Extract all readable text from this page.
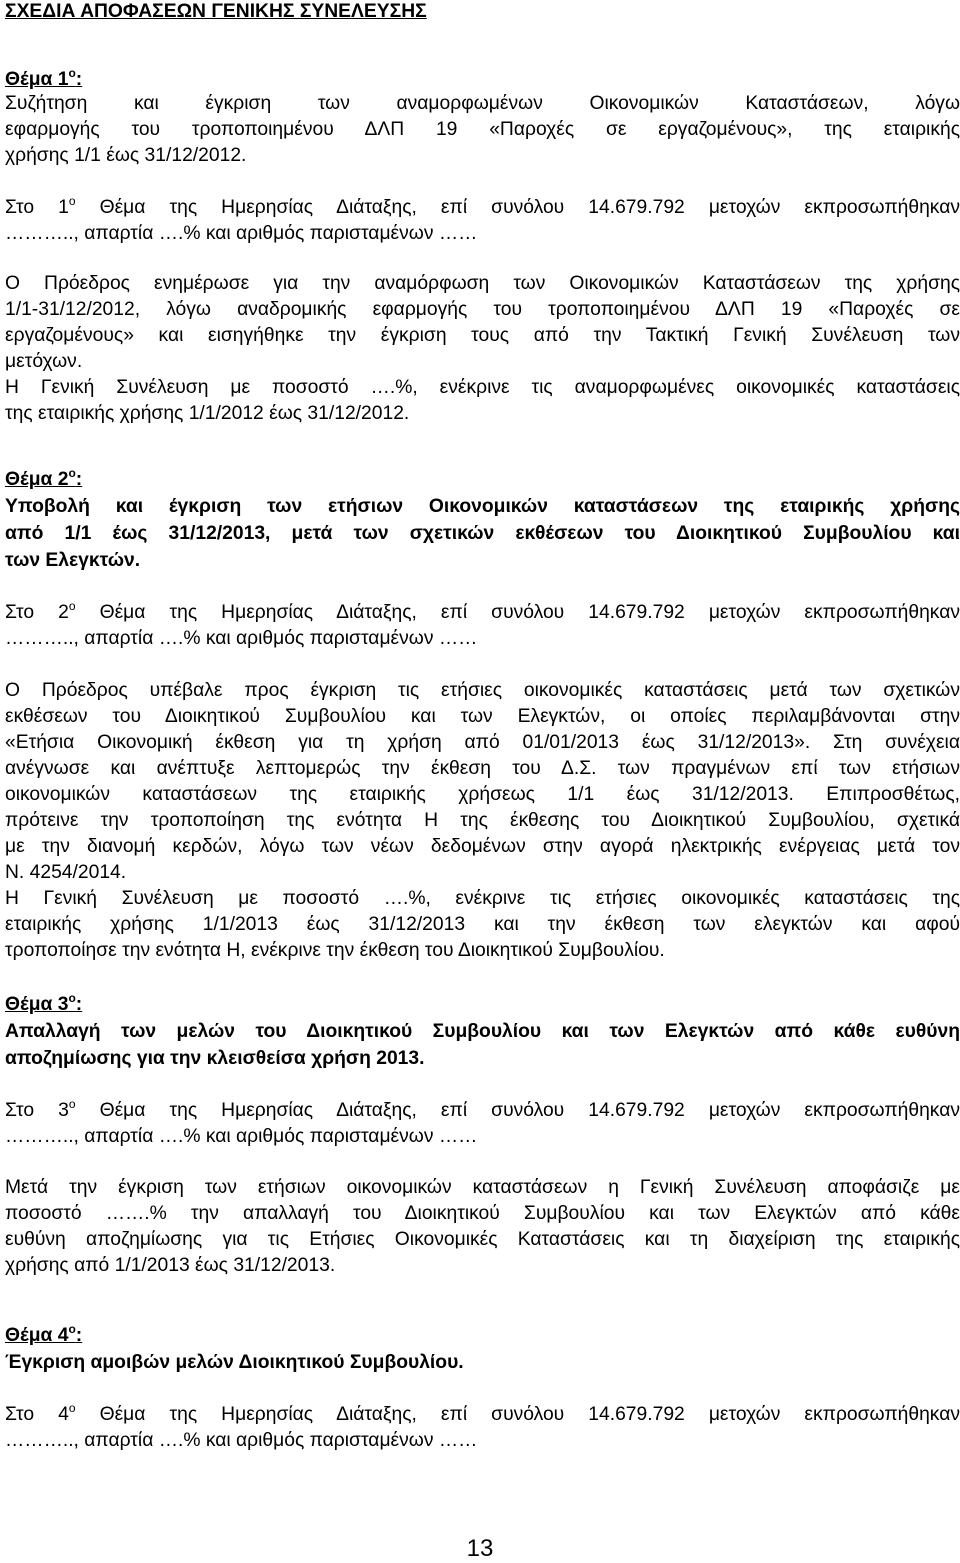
ΣΧΕΔΙΑ ΑΠΟΦΑΣΕΩΝ ΓΕΝΙΚΗΣ ΣΥΝΕΛΕΥΣΗΣ
Θέμα $1^o$:
Συζήτηση και έγκριση των αναμορφωμένων Οικονομικών Καταστάσεων, λόγω
εφαρμογής του τροποποιημένου ΔΛΠ 19 «Παροχές σε εργαζομένους», της εταιρικής
χρήσης 1/1 έως 31/12/2012.
Στο $1^o$ Θέμα της Ημερησίας Διάταξης, επί συνόλου 14.679.792 μετοχών εκπροσωπήθηκαν
……….., απαρτία ….% και αριθμός παρισταμένων ……
Ο Πρόεδρος ενημέρωσε για την αναμόρφωση των Οικονομικών Καταστάσεων της χρήσης
1/1-31/12/2012, λόγω αναδρομικής εφαρμογής του τροποποιημένου ΔΛΠ 19 «Παροχές σε
εργαζομένους» και εισηγήθηκε την έγκριση τους από την Τακτική Γενική Συνέλευση των
μετόχων.
Η Γενική Συνέλευση με ποσοστό ….%, ενέκρινε τις αναμορφωμένες οικονομικές καταστάσεις
της εταιρικής χρήσης 1/1/2012 έως 31/12/2012.
Θέμα $2^o$:
Υποβολή και έγκριση των ετήσιων Οικονομικών καταστάσεων της εταιρικής χρήσης
από 1/1 έως 31/12/2013, μετά των σχετικών εκθέσεων του Διοικητικού Συμβουλίου και
των Ελεγκτών.
Στο $2^o$ Θέμα της Ημερησίας Διάταξης, επί συνόλου 14.679.792 μετοχών εκπροσωπήθηκαν
……….., απαρτία ….% και αριθμός παρισταμένων ……
Ο Πρόεδρος υπέβαλε προς έγκριση τις ετήσιες οικονομικές καταστάσεις μετά των σχετικών
εκθέσεων του Διοικητικού Συμβουλίου και των Ελεγκτών, οι οποίες περιλαμβάνονται στην
«Ετήσια Οικονομική έκθεση για τη χρήση από 01/01/2013 έως 31/12/2013». Στη συνέχεια
ανέγνωσε και ανέπτυξε λεπτομερώς την έκθεση του Δ.Σ. των πραγμένων επί των ετήσιων
οικονομικών καταστάσεων της εταιρικής χρήσεως 1/1 έως 31/12/2013. Επιπροσθέτως,
πρότεινε την τροποποίηση της ενότητα Η της έκθεσης του Διοικητικού Συμβουλίου, σχετικά
με την διανομή κερδών, λόγω των νέων δεδομένων στην αγορά ηλεκτρικής ενέργειας μετά τον
Ν. 4254/2014.
Η Γενική Συνέλευση με ποσοστό ….%, ενέκρινε τις ετήσιες οικονομικές καταστάσεις της
εταιρικής χρήσης 1/1/2013 έως 31/12/2013 και την έκθεση των ελεγκτών και αφού
τροποποίησε την ενότητα Η, ενέκρινε την έκθεση του Διοικητικού Συμβουλίου.
Θέμα $3^o$:
Απαλλαγή των μελών του Διοικητικού Συμβουλίου και των Ελεγκτών από κάθε ευθύνη
αποζημίωσης για την κλεισθείσα χρήση 2013.
Στο $3^o$ Θέμα της Ημερησίας Διάταξης, επί συνόλου 14.679.792 μετοχών εκπροσωπήθηκαν
……….., απαρτία ….% και αριθμός παρισταμένων ……
Μετά την έγκριση των ετήσιων οικονομικών καταστάσεων η Γενική Συνέλευση αποφάσιζε με
ποσοστό …….% την απαλλαγή του Διοικητικού Συμβουλίου και των Ελεγκτών από κάθε
ευθύνη αποζημίωσης για τις Ετήσιες Οικονομικές Καταστάσεις και τη διαχείριση της εταιρικής
χρήσης από 1/1/2013 έως 31/12/2013.
Θέμα $4^o$:
Έγκριση αμοιβών μελών Διοικητικού Συμβουλίου.
Στο $4^o$ Θέμα της Ημερησίας Διάταξης, επί συνόλου 14.679.792 μετοχών εκπροσωπήθηκαν
……….., απαρτία ….% και αριθμός παρισταμένων ……
13
